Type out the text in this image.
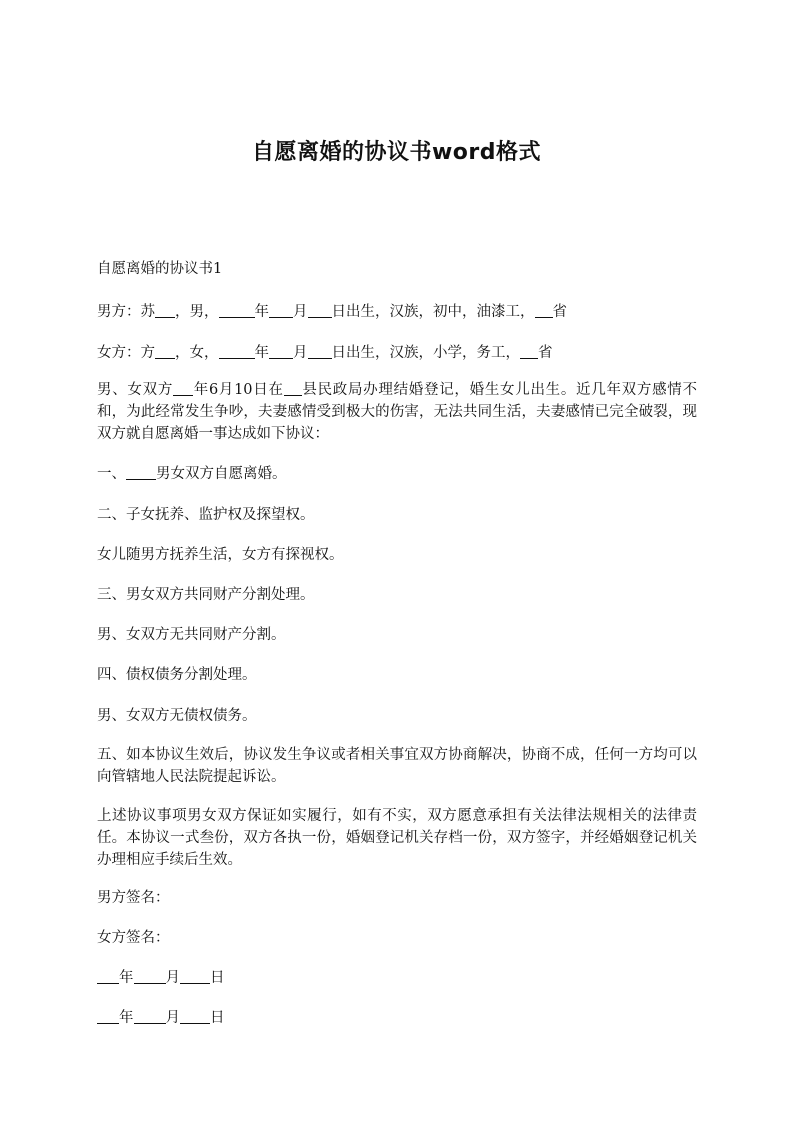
自愿离婚的协议书word格式
自愿离婚的协议书1
男方：苏 ，男， 年 月 日出生，汉族，初中，油漆工， 省
女方：方 ，女， 年 月 日出生，汉族，小学，务工， 省
男、女双方 年6月10日在 县民政局办理结婚登记，婚生女儿出生。近几年双方感情不和，为此经常发生争吵，夫妻感情受到极大的伤害，无法共同生活，夫妻感情已完全破裂，现双方就自愿离婚一事达成如下协议：
一、 男女双方自愿离婚。
二、子女抚养、监护权及探望权。
女儿随男方抚养生活，女方有探视权。
三、男女双方共同财产分割处理。
男、女双方无共同财产分割。
四、债权债务分割处理。
男、女双方无债权债务。
五、如本协议生效后，协议发生争议或者相关事宜双方协商解决，协商不成，任何一方均可以向管辖地人民法院提起诉讼。
上述协议事项男女双方保证如实履行，如有不实，双方愿意承担有关法律法规相关的法律责任。本协议一式叁份，双方各执一份，婚姻登记机关存档一份，双方签字，并经婚姻登记机关办理相应手续后生效。
男方签名：
女方签名：
年 月 日
年 月 日
